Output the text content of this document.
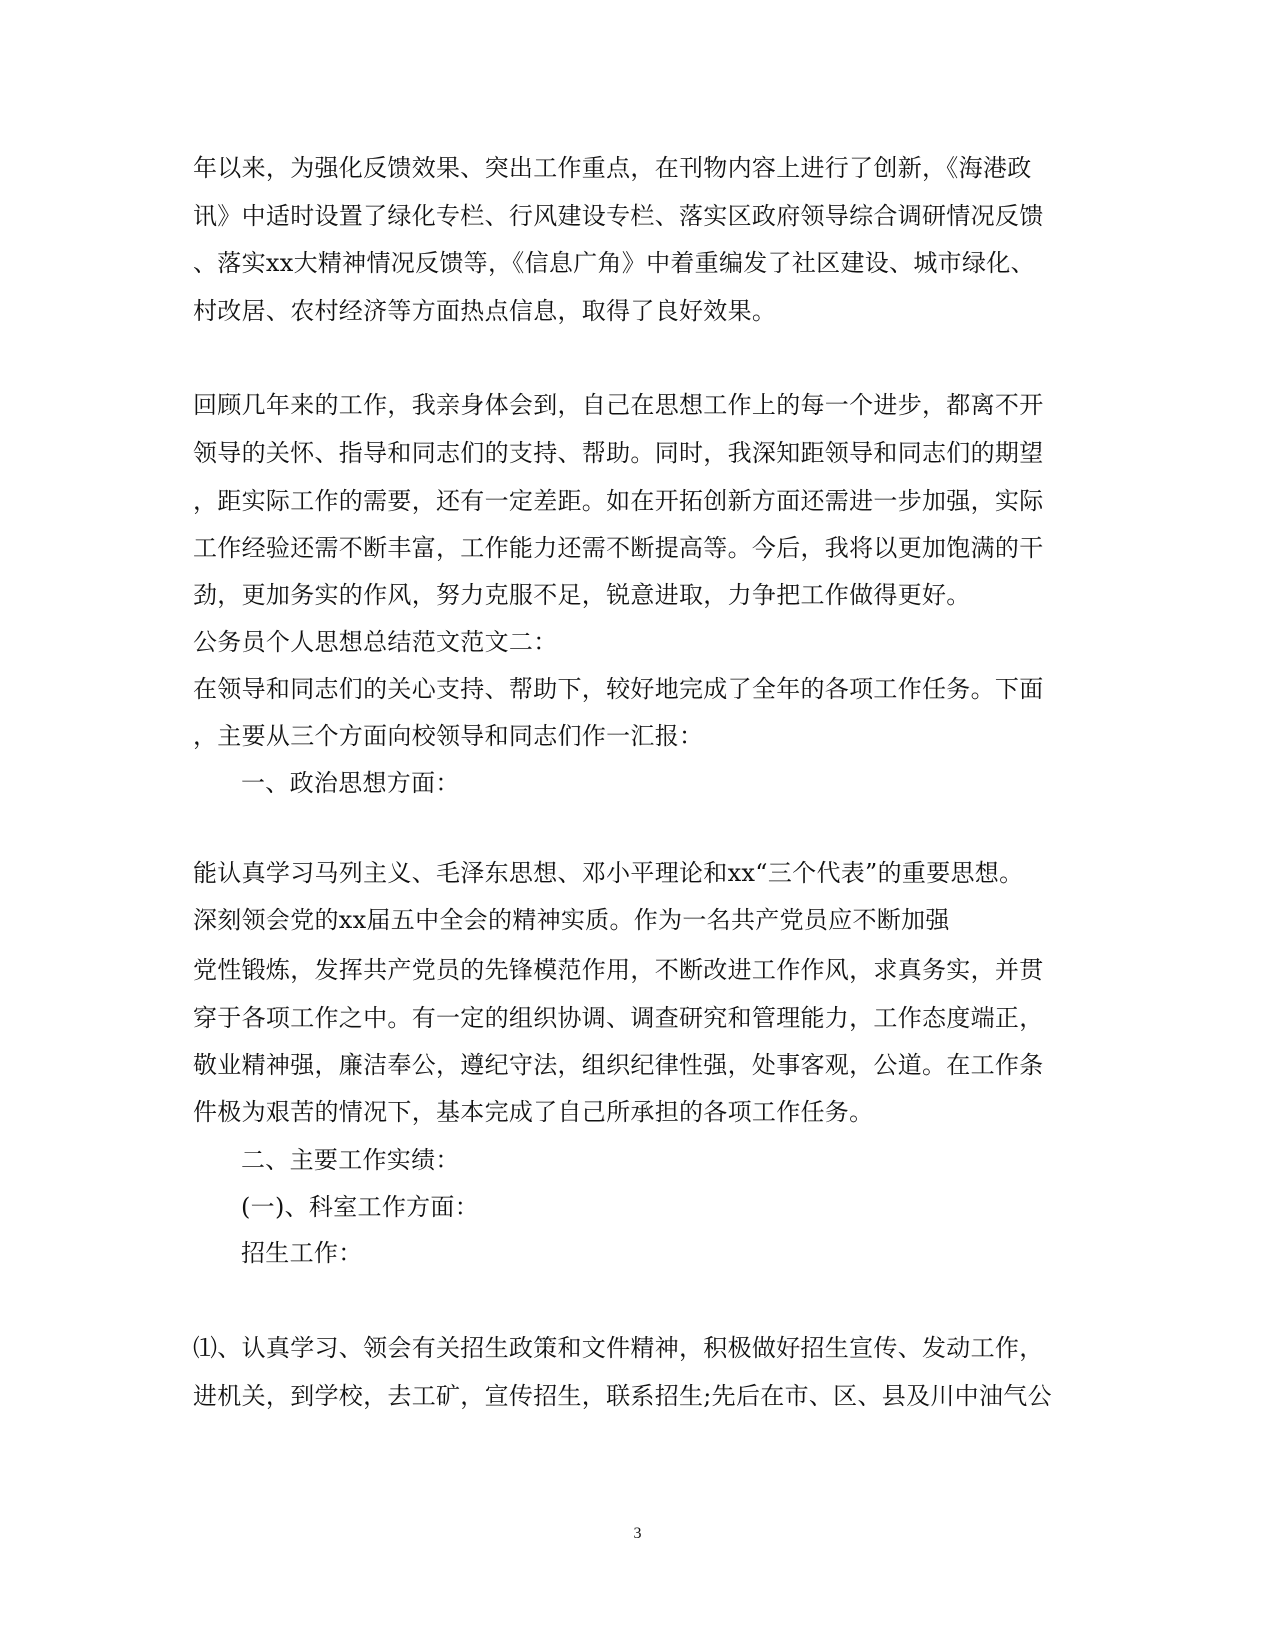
年以来，为强化反馈效果、突出工作重点，在刊物内容上进行了创新，《海港政
讯》中适时设置了绿化专栏、行风建设专栏、落实区政府领导综合调研情况反馈
、落实xx大精神情况反馈等，《信息广角》中着重编发了社区建设、城市绿化、
村改居、农村经济等方面热点信息，取得了良好效果。
回顾几年来的工作，我亲身体会到，自己在思想工作上的每一个进步，都离不开
领导的关怀、指导和同志们的支持、帮助。同时，我深知距领导和同志们的期望
，距实际工作的需要，还有一定差距。如在开拓创新方面还需进一步加强，实际
工作经验还需不断丰富，工作能力还需不断提高等。今后，我将以更加饱满的干
劲，更加务实的作风，努力克服不足，锐意进取，力争把工作做得更好。
公务员个人思想总结范文范文二：
在领导和同志们的关心支持、帮助下，较好地完成了全年的各项工作任务。下面
，主要从三个方面向校领导和同志们作一汇报：
一、政治思想方面：
能认真学习马列主义、毛泽东思想、邓小平理论和xx“三个代表”的重要思想。
深刻领会党的xx届五中全会的精神实质。作为一名共产党员应不断加强
党性锻炼，发挥共产党员的先锋模范作用，不断改进工作作风，求真务实，并贯
穿于各项工作之中。有一定的组织协调、调查研究和管理能力，工作态度端正，
敬业精神强，廉洁奉公，遵纪守法，组织纪律性强，处事客观，公道。在工作条
件极为艰苦的情况下，基本完成了自己所承担的各项工作任务。
二、主要工作实绩：
(一)、科室工作方面：
招生工作：
⑴、认真学习、领会有关招生政策和文件精神，积极做好招生宣传、发动工作，
进机关，到学校，去工矿，宣传招生，联系招生;先后在市、区、县及川中油气公
3
